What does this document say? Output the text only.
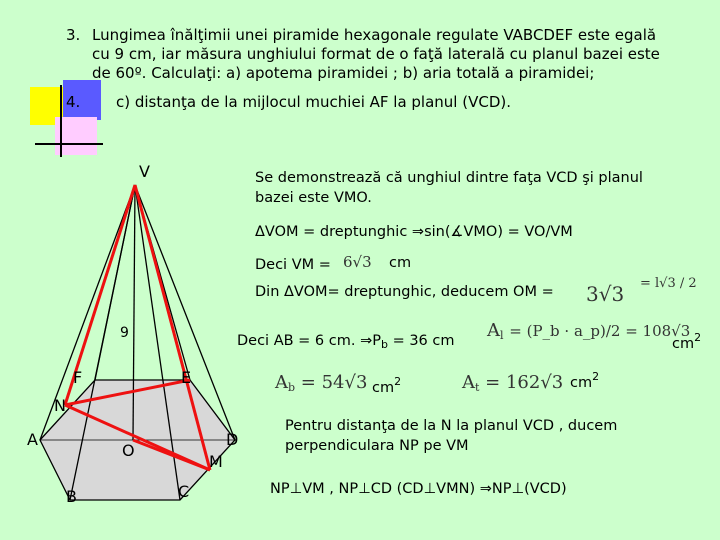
3. Lungimea înălţimii unei piramide hexagonale regulate VABCDEF este egală
cu 9 cm, iar măsura unghiului format de o faţă laterală cu planul bazei este
de 60º. Calculaţi: a) apotema piramidei ; b) aria totală a piramidei;
4. c) distanţa de la mijlocul muchiei AF la planul (VCD).
V
9
F	E
N
A
O
D
M
B	C
Se demonstrează că unghiul dintre faţa VCD şi planul
bazei este VMO.
ΔVOM = dreptunghic ⇒sin(∡VMO) = VO/VM
Deci VM = 6√3 cm
Din ΔVOM= dreptunghic, deducem OM = 3√3 = l√3 / 2
Deci AB = 6 cm. $\Rightarrow P_b = 36$ cm $A_l$ = (P_b · a_p)/2 = 108√3
$cm^2$
$A_b = 54√3$ $cm^2$	$A_t = 162√3$ $cm^2$
Pentru distanţa de la N la planul VCD , ducem
perpendiculara NP pe VM
NP⊥VM , NP⊥CD (CD⊥VMN) ⇒NP⊥(VCD)
